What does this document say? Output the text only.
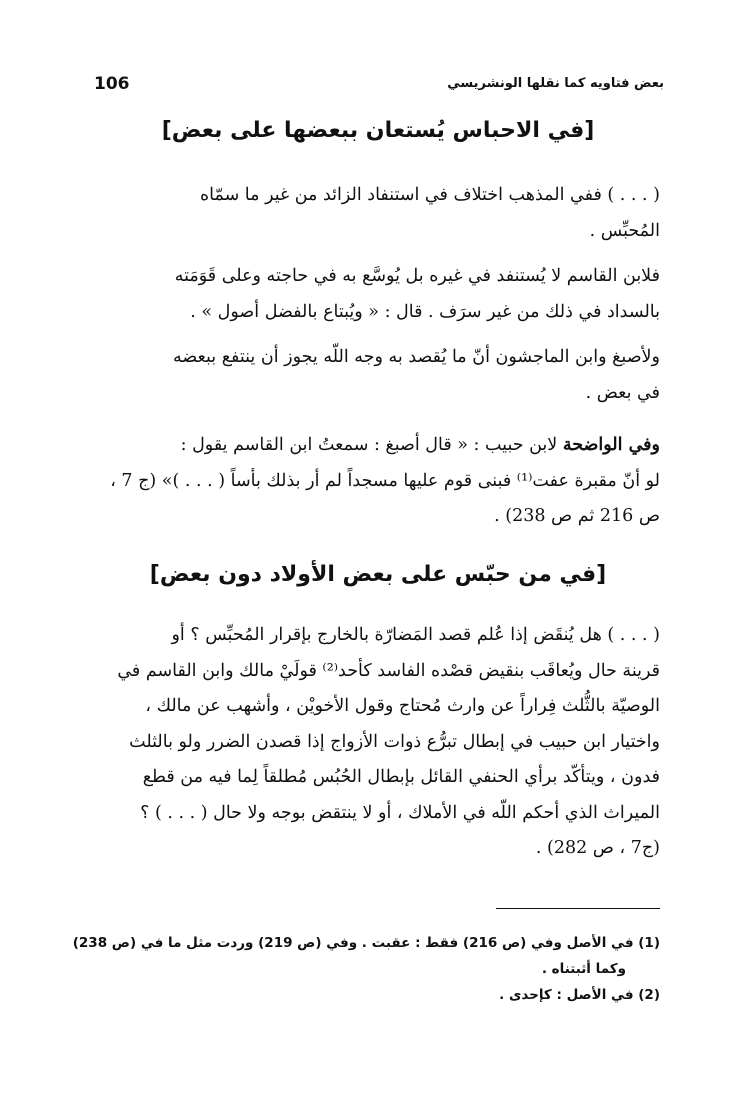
بعض فتاويه كما نقلها الونشريسي
106
[في الاحباس يُستعان ببعضها على بعض]
( . . . ) ففي المذهب اختلاف في استنفاد الزائد من غير ما سمّاه
المُحبِّس .
فلابن القاسم لا يُستنفد في غيره بل يُوسَّع به في حاجته وعلى قَوَمَته
بالسداد في ذلك من غير سرَف . قال : « ويُبتاع بالفضل أصول » .
ولأصبغ وابن الماجشون أنّ ما يُقصد به وجه اللّه يجوز أن ينتفع ببعضه
في بعض .
وفي الواضحة لابن حبيب : « قال أصبغ : سمعتُ ابن القاسم يقول :
لو أنّ مقبرة عفت⁽¹⁾ فبنى قوم عليها مسجداً لم أر بذلك بأساً ( . . . )» (ج 7 ،
ص 216 ثم ص 238) .
[في من حبّس على بعض الأولاد دون بعض]
( . . . ) هل يُنقَض إذا عُلم قصد المَضارّة بالخارج بإقرار المُحبِّس ؟ أو
قرينة حال ويُعاقَب بنقيض قصْده الفاسد كأحد⁽²⁾ قولَيْ مالك وابن القاسم في
الوصيّة بالثُّلث فِراراً عن وارث مُحتاج وقول الأخويْن ، وأشهب عن مالك ،
واختيار ابن حبيب في إبطال تبرُّع ذوات الأزواج إذا قصدن الضرر ولو بالثلث
فدون ، ويتأكّد برأي الحنفي القائل بإبطال الحُبُس مُطلقاً لِما فيه من قطع
الميراث الذي أحكم اللّه في الأملاك ، أو لا ينتقض بوجه ولا حال ( . . . ) ؟
(ج7 ، ص 282) .
(1) في الأصل وفي (ص 216) فقط : عقبت . وفي (ص 219) وردت مثل ما في (ص 238)
وكما أثبتناه .
(2) في الأصل : كإحدى .
